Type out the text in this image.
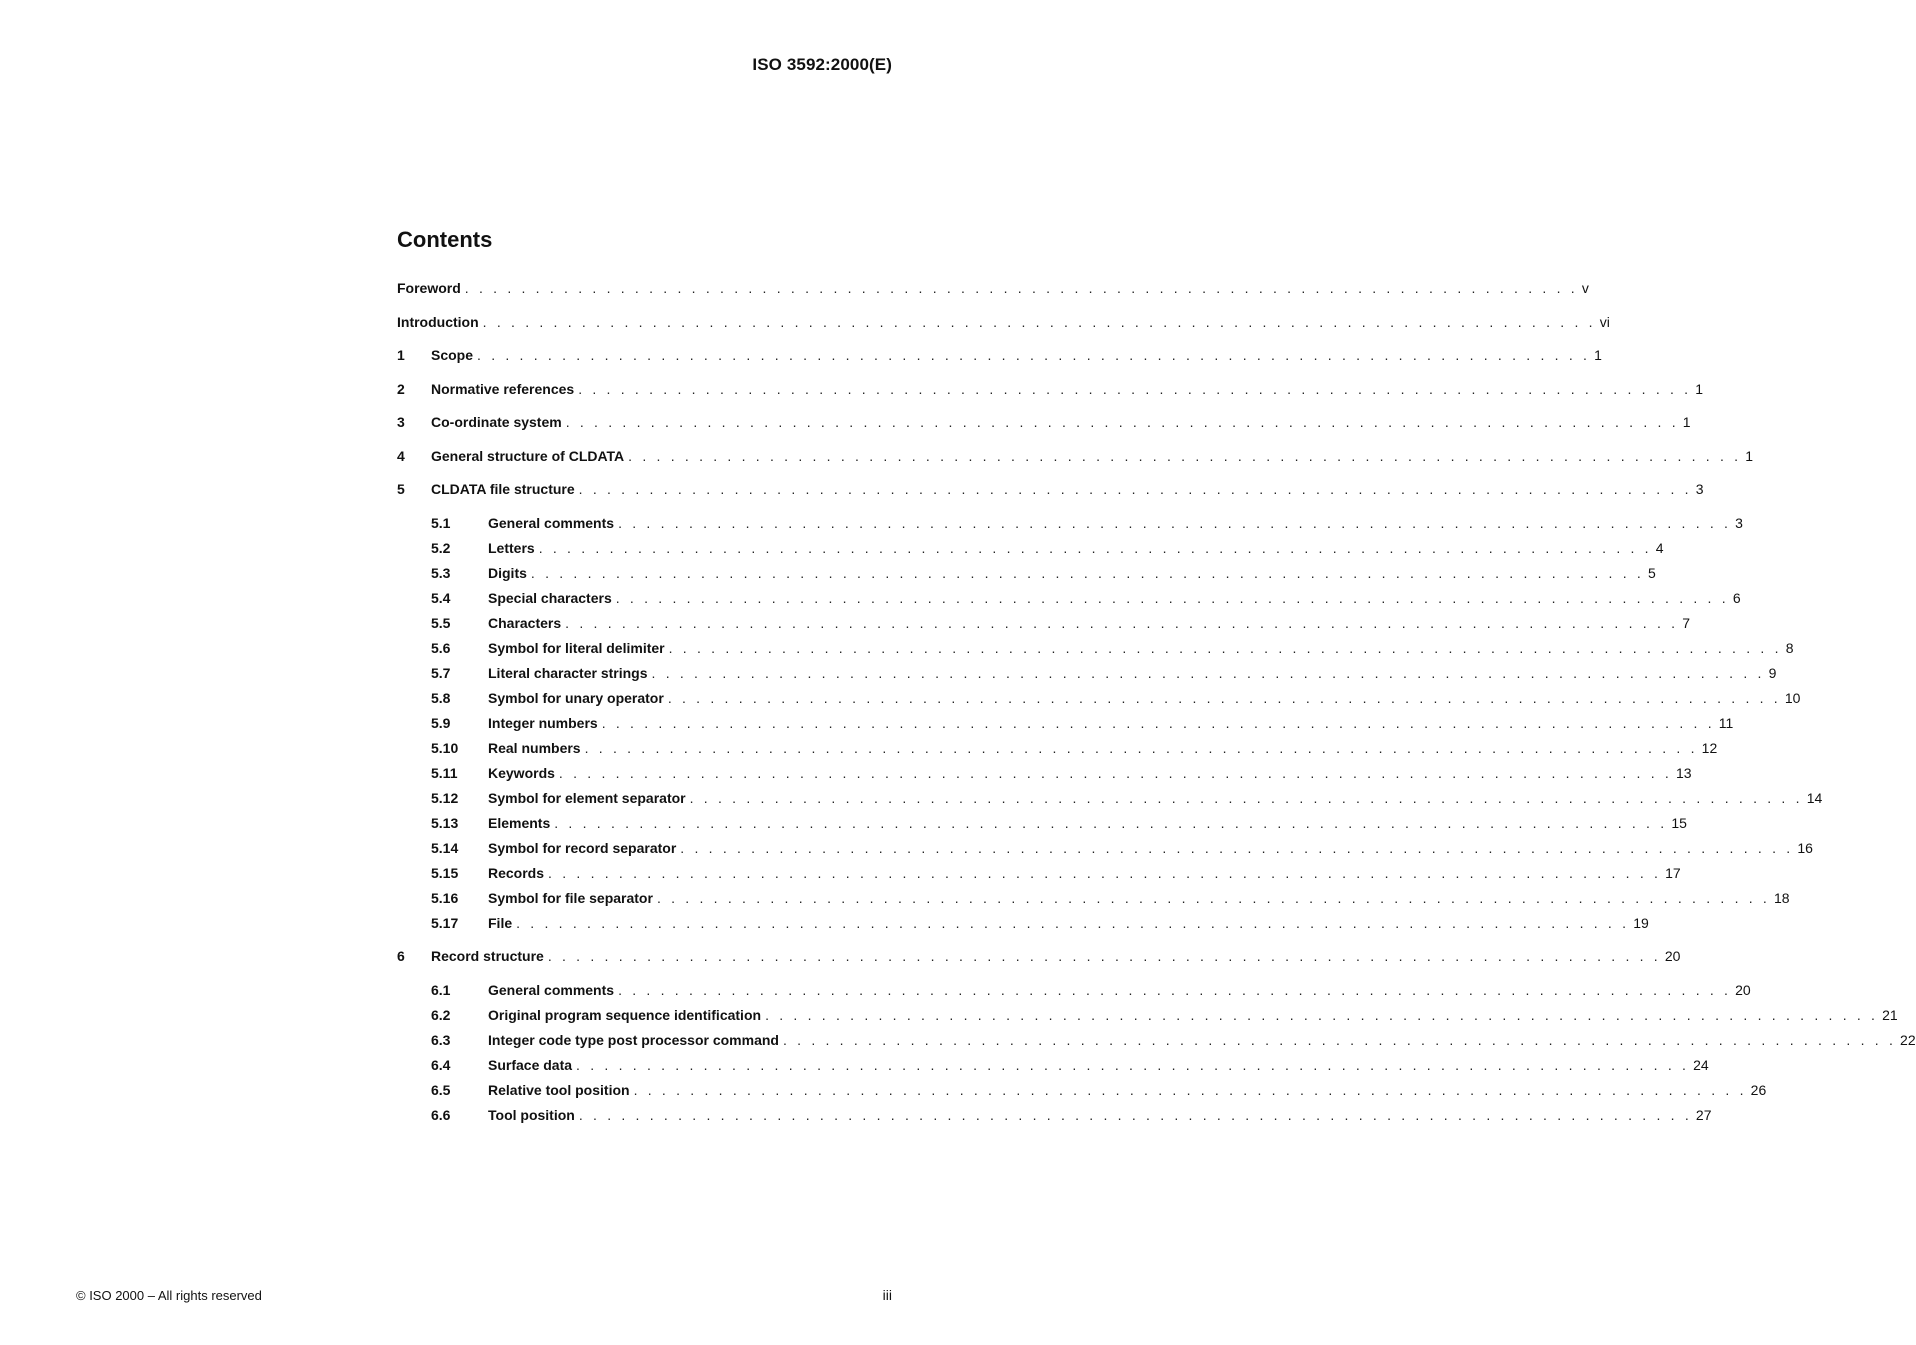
ISO 3592:2000(E)
Contents
Foreword . . . . . . . . . . . . . . . . . . . . . . . . . . . . . . . . . . . . . . . . . . . . . . . . . . . . . . . . . . . . . . . . . . . . . . . . . . . . . . . v
Introduction . . . . . . . . . . . . . . . . . . . . . . . . . . . . . . . . . . . . . . . . . . . . . . . . . . . . . . . . . . . . . . . . . . . . . . . . . . . . . . . vi
1	Scope . . . . . . . . . . . . . . . . . . . . . . . . . . . . . . . . . . . . . . . . . . . . . . . . . . . . . . . . . . . . . . . . . . . . . . . . . . . . . . . 1
2	Normative references . . . . . . . . . . . . . . . . . . . . . . . . . . . . . . . . . . . . . . . . . . . . . . . . . . . . . . . . . . . . . . . . . . . . . . . . . . . . . . . 1
3	Co-ordinate system . . . . . . . . . . . . . . . . . . . . . . . . . . . . . . . . . . . . . . . . . . . . . . . . . . . . . . . . . . . . . . . . . . . . . . . . . . . . . . . 1
4	General structure of CLDATA . . . . . . . . . . . . . . . . . . . . . . . . . . . . . . . . . . . . . . . . . . . . . . . . . . . . . . . . . . . . . . . . . . . . . . . . . . . . . . . 1
5	CLDATA file structure . . . . . . . . . . . . . . . . . . . . . . . . . . . . . . . . . . . . . . . . . . . . . . . . . . . . . . . . . . . . . . . . . . . . . . . . . . . . . . . 3
5.1	General comments . . . . . . . . . . . . . . . . . . . . . . . . . . . . . . . . . . . . . . . . . . . . . . . . . . . . . . . . . . . . . . . . . . . . . . . . . . . . . . . 3
5.2	Letters . . . . . . . . . . . . . . . . . . . . . . . . . . . . . . . . . . . . . . . . . . . . . . . . . . . . . . . . . . . . . . . . . . . . . . . . . . . . . . . 4
5.3	Digits . . . . . . . . . . . . . . . . . . . . . . . . . . . . . . . . . . . . . . . . . . . . . . . . . . . . . . . . . . . . . . . . . . . . . . . . . . . . . . . 5
5.4	Special characters . . . . . . . . . . . . . . . . . . . . . . . . . . . . . . . . . . . . . . . . . . . . . . . . . . . . . . . . . . . . . . . . . . . . . . . . . . . . . . . 6
5.5	Characters . . . . . . . . . . . . . . . . . . . . . . . . . . . . . . . . . . . . . . . . . . . . . . . . . . . . . . . . . . . . . . . . . . . . . . . . . . . . . . . 7
5.6	Symbol for literal delimiter . . . . . . . . . . . . . . . . . . . . . . . . . . . . . . . . . . . . . . . . . . . . . . . . . . . . . . . . . . . . . . . . . . . . . . . . . . . . . . . 8
5.7	Literal character strings . . . . . . . . . . . . . . . . . . . . . . . . . . . . . . . . . . . . . . . . . . . . . . . . . . . . . . . . . . . . . . . . . . . . . . . . . . . . . . . 9
5.8	Symbol for unary operator . . . . . . . . . . . . . . . . . . . . . . . . . . . . . . . . . . . . . . . . . . . . . . . . . . . . . . . . . . . . . . . . . . . . . . . . . . . . . . . 10
5.9	Integer numbers . . . . . . . . . . . . . . . . . . . . . . . . . . . . . . . . . . . . . . . . . . . . . . . . . . . . . . . . . . . . . . . . . . . . . . . . . . . . . . . 11
5.10	Real numbers . . . . . . . . . . . . . . . . . . . . . . . . . . . . . . . . . . . . . . . . . . . . . . . . . . . . . . . . . . . . . . . . . . . . . . . . . . . . . . . 12
5.11	Keywords . . . . . . . . . . . . . . . . . . . . . . . . . . . . . . . . . . . . . . . . . . . . . . . . . . . . . . . . . . . . . . . . . . . . . . . . . . . . . . . 13
5.12	Symbol for element separator . . . . . . . . . . . . . . . . . . . . . . . . . . . . . . . . . . . . . . . . . . . . . . . . . . . . . . . . . . . . . . . . . . . . . . . . . . . . . . . 14
5.13	Elements . . . . . . . . . . . . . . . . . . . . . . . . . . . . . . . . . . . . . . . . . . . . . . . . . . . . . . . . . . . . . . . . . . . . . . . . . . . . . . . 15
5.14	Symbol for record separator . . . . . . . . . . . . . . . . . . . . . . . . . . . . . . . . . . . . . . . . . . . . . . . . . . . . . . . . . . . . . . . . . . . . . . . . . . . . . . . 16
5.15	Records . . . . . . . . . . . . . . . . . . . . . . . . . . . . . . . . . . . . . . . . . . . . . . . . . . . . . . . . . . . . . . . . . . . . . . . . . . . . . . . 17
5.16	Symbol for file separator . . . . . . . . . . . . . . . . . . . . . . . . . . . . . . . . . . . . . . . . . . . . . . . . . . . . . . . . . . . . . . . . . . . . . . . . . . . . . . . 18
5.17	File . . . . . . . . . . . . . . . . . . . . . . . . . . . . . . . . . . . . . . . . . . . . . . . . . . . . . . . . . . . . . . . . . . . . . . . . . . . . . . . 19
6	Record structure . . . . . . . . . . . . . . . . . . . . . . . . . . . . . . . . . . . . . . . . . . . . . . . . . . . . . . . . . . . . . . . . . . . . . . . . . . . . . . . 20
6.1	General comments . . . . . . . . . . . . . . . . . . . . . . . . . . . . . . . . . . . . . . . . . . . . . . . . . . . . . . . . . . . . . . . . . . . . . . . . . . . . . . . 20
6.2	Original program sequence identification . . . . . . . . . . . . . . . . . . . . . . . . . . . . . . . . . . . . . . . . . . . . . . . . . . . . . . . . . . . . . . . . . . . . . . . . . . . . . . . 21
6.3	Integer code type post processor command . . . . . . . . . . . . . . . . . . . . . . . . . . . . . . . . . . . . . . . . . . . . . . . . . . . . . . . . . . . . . . . . . . . . . . . . . . . . . . . 22
6.4	Surface data . . . . . . . . . . . . . . . . . . . . . . . . . . . . . . . . . . . . . . . . . . . . . . . . . . . . . . . . . . . . . . . . . . . . . . . . . . . . . . . 24
6.5	Relative tool position . . . . . . . . . . . . . . . . . . . . . . . . . . . . . . . . . . . . . . . . . . . . . . . . . . . . . . . . . . . . . . . . . . . . . . . . . . . . . . . 26
6.6	Tool position . . . . . . . . . . . . . . . . . . . . . . . . . . . . . . . . . . . . . . . . . . . . . . . . . . . . . . . . . . . . . . . . . . . . . . . . . . . . . . . 27
© ISO 2000 – All rights reserved	iii
